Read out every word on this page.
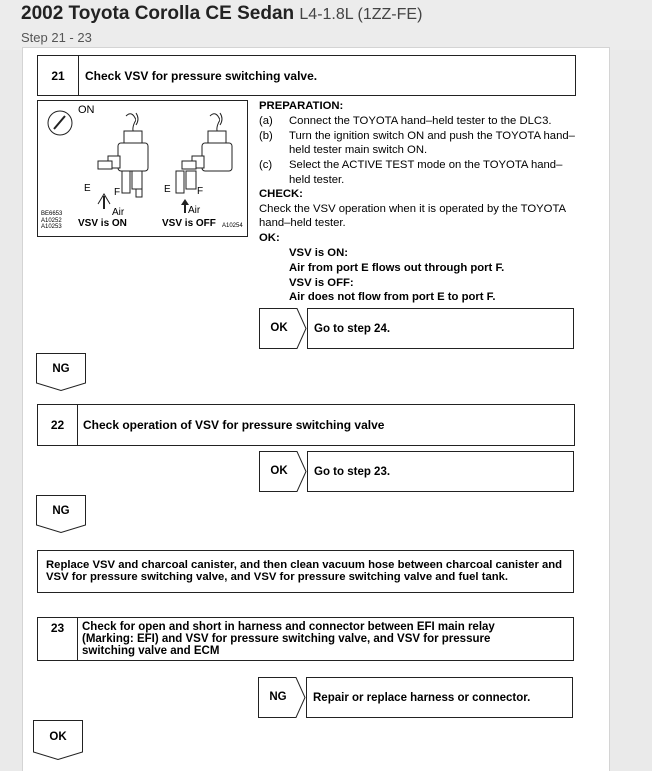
2002 Toyota Corolla CE Sedan L4-1.8L (1ZZ-FE)
Step 21 - 23
21	Check VSV for pressure switching valve.
ON
E F
Air
VSV is ON
E	F
Air
VSV is OFF
BE6653
A10252
A10253	A10254
PREPARATION:
(a) Connect the TOYOTA hand–held tester to the DLC3.
(b) Turn the ignition switch ON and push the TOYOTA hand–
held tester main switch ON.
(c) Select the ACTIVE TEST mode on the TOYOTA hand–
held tester.
CHECK:
Check the VSV operation when it is operated by the TOYOTA
hand–held tester.
OK:
VSV is ON:
Air from port E flows out through port F.
VSV is OFF:
Air does not flow from port E to port F.
OK	Go to step 24.
NG
22	Check operation of VSV for pressure switching valve
OK	Go to step 23.
NG
Replace VSV and charcoal canister, and then clean vacuum hose between charcoal canister and
VSV for pressure switching valve, and VSV for pressure switching valve and fuel tank.
23	Check for open and short in harness and connector between EFI main relay
(Marking: EFI) and VSV for pressure switching valve, and VSV for pressure
switching valve and ECM
NG	Repair or replace harness or connector.
OK
